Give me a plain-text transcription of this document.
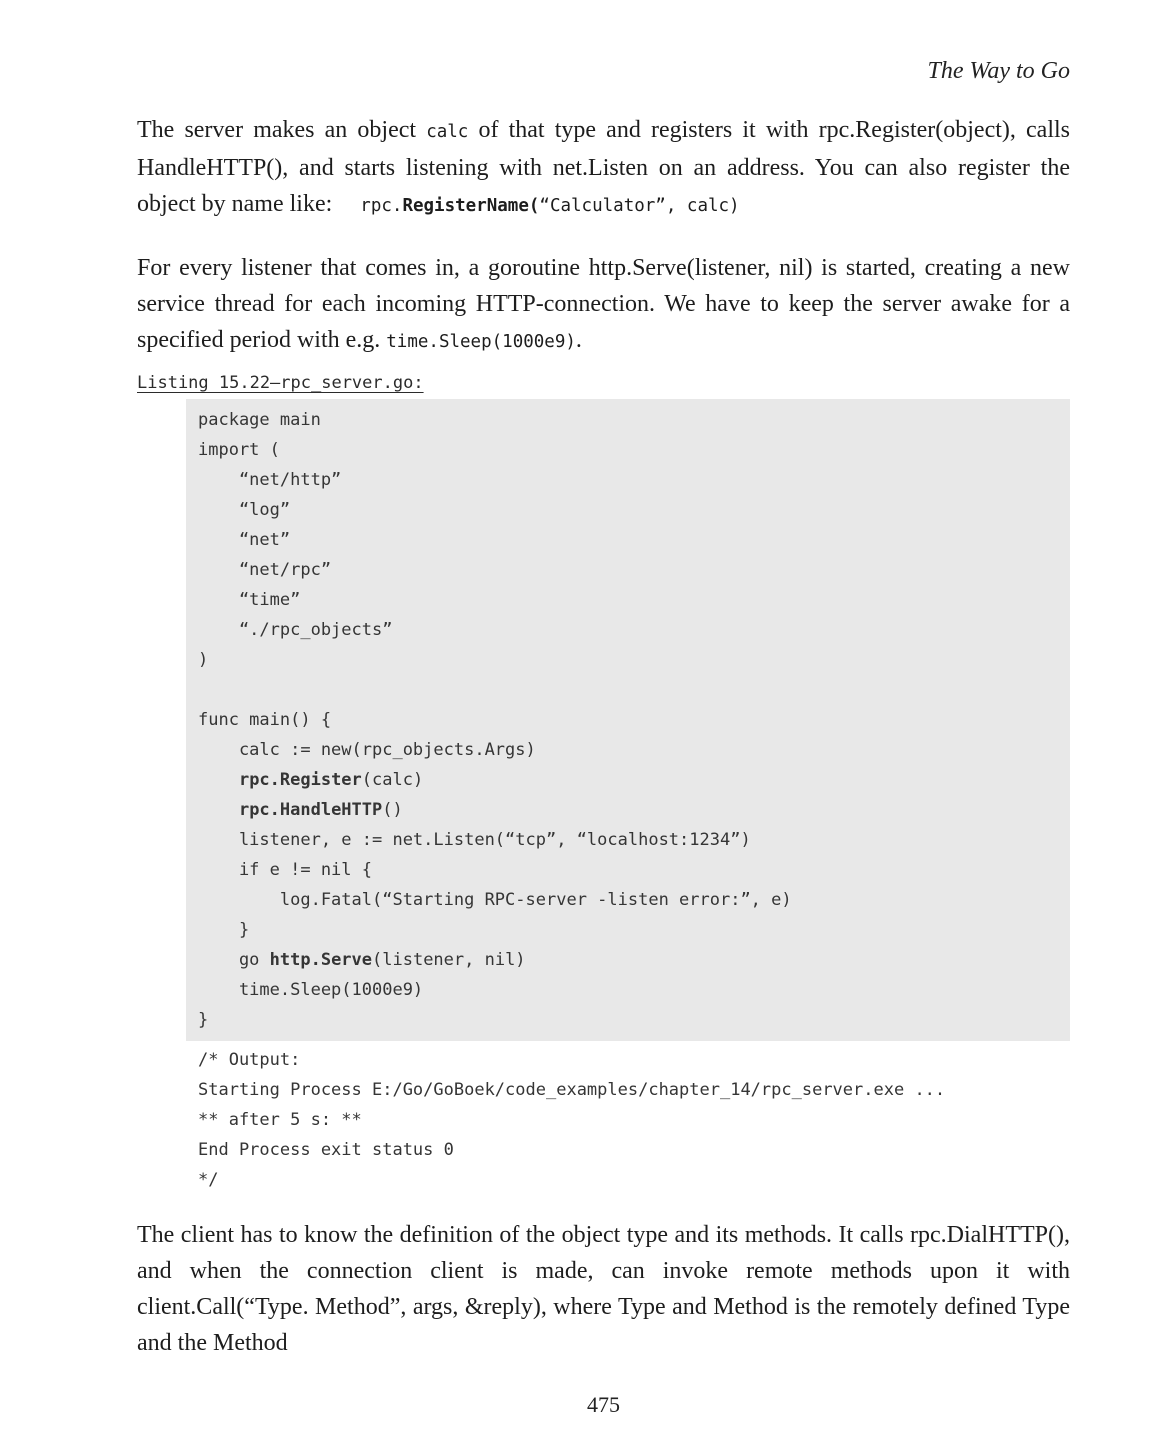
The Way to Go
The server makes an object calc of that type and registers it with rpc.Register(object), calls HandleHTTP(), and starts listening with net.Listen on an address. You can also register the object by name like: rpc.RegisterName(“Calculator”, calc)
For every listener that comes in, a goroutine http.Serve(listener, nil) is started, creating a new service thread for each incoming HTTP-connection. We have to keep the server awake for a specified period with e.g. time.Sleep(1000e9).
Listing 15.22—rpc_server.go:
package main
import (
“net/http”
“log”
“net”
“net/rpc”
“time”
“./rpc_objects”
)
func main() {
calc := new(rpc_objects.Args)
rpc.Register(calc)
rpc.HandleHTTP()
listener, e := net.Listen(“tcp”, “localhost:1234”)
if e != nil {
log.Fatal(“Starting RPC-server -listen error:”, e)
}
go http.Serve(listener, nil)
time.Sleep(1000e9)
}
/* Output:
Starting Process E:/Go/GoBoek/code_examples/chapter_14/rpc_server.exe ...
** after 5 s: **
End Process exit status 0
*/
The client has to know the definition of the object type and its methods. It calls rpc.DialHTTP(), and when the connection client is made, can invoke remote methods upon it with client.Call(“Type. Method”, args, &reply), where Type and Method is the remotely defined Type and the Method
475
